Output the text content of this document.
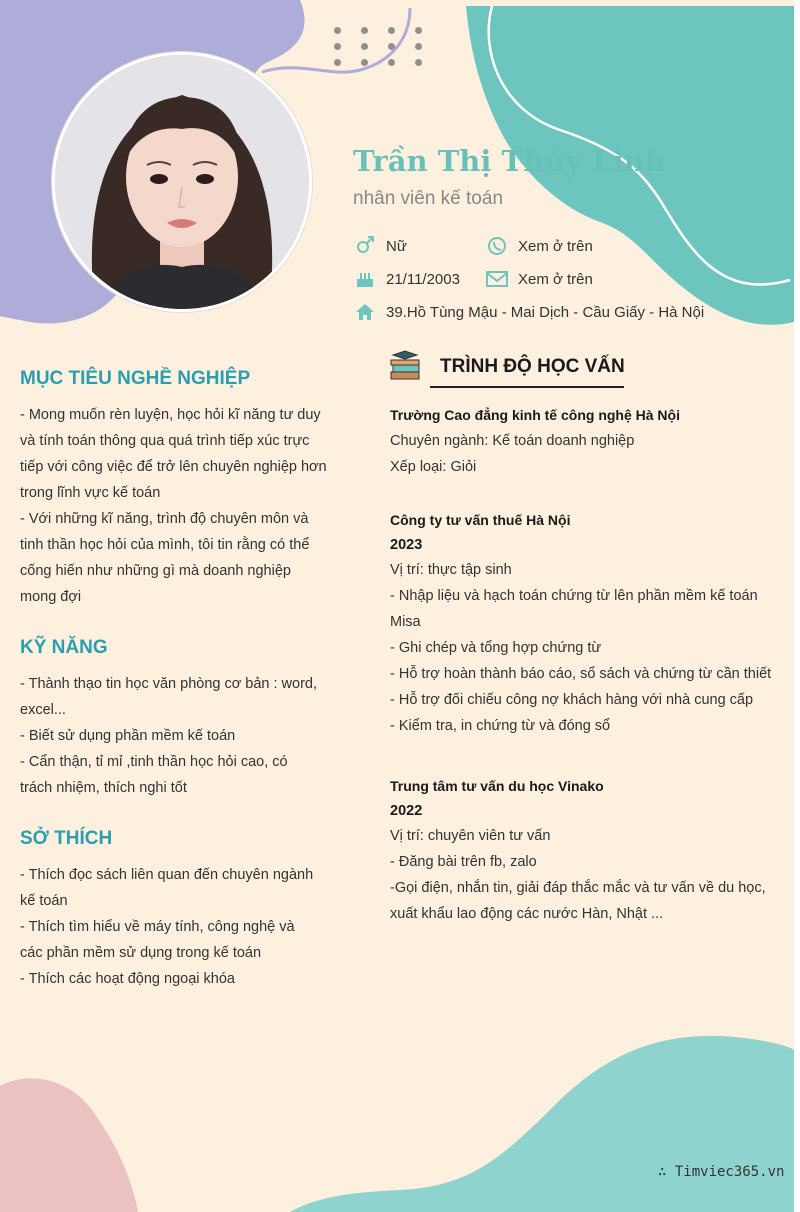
Trần Thị Thùy Linh
nhân viên kế toán
Nữ	Xem ở trên
21/11/2003	Xem ở trên
39.Hồ Tùng Mậu - Mai Dịch - Cầu Giấy - Hà Nội
MỤC TIÊU NGHỀ NGHIỆP
- Mong muốn rèn luyện, học hỏi kĩ năng tư duy và tính toán thông qua quá trình tiếp xúc trực tiếp với công việc để trở lên chuyên nghiệp hơn trong lĩnh vực kế toán
- Với những kĩ năng, trình độ chuyên môn và tinh thần học hỏi của mình, tôi tin rằng có thể cống hiến như những gì mà doanh nghiệp mong đợi
KỸ NĂNG
- Thành thạo tin học văn phòng cơ bản : word, excel...
- Biết sử dụng phần mềm kế toán
- Cẩn thận, tỉ mỉ ,tinh thần học hỏi cao, có trách nhiệm, thích nghi tốt
SỞ THÍCH
- Thích đọc sách liên quan đến chuyên ngành kế toán
- Thích tìm hiểu về máy tính, công nghệ và các phần mềm sử dụng trong kế toán
- Thích các hoạt động ngoại khóa
TRÌNH ĐỘ HỌC VẤN
Trường Cao đẳng kinh tế công nghệ Hà Nội
Chuyên ngành: Kế toán doanh nghiệp
Xếp loại: Giỏi
Công ty tư vấn thuế Hà Nội
2023
Vị trí: thực tập sinh
- Nhập liệu và hạch toán chứng từ lên phần mềm kế toán Misa
- Ghi chép và tổng hợp chứng từ
- Hỗ trợ hoàn thành báo cáo, sổ sách và chứng từ cần thiết
- Hỗ trợ đối chiếu công nợ khách hàng với nhà cung cấp
- Kiểm tra, in chứng từ và đóng sổ
Trung tâm tư vấn du học Vinako
2022
Vị trí: chuyên viên tư vấn
- Đăng bài trên fb, zalo
-Gọi điện, nhắn tin, giải đáp thắc mắc và tư vấn về du học, xuất khẩu lao động các nước Hàn, Nhật ...
∴ Timviec365.vn
